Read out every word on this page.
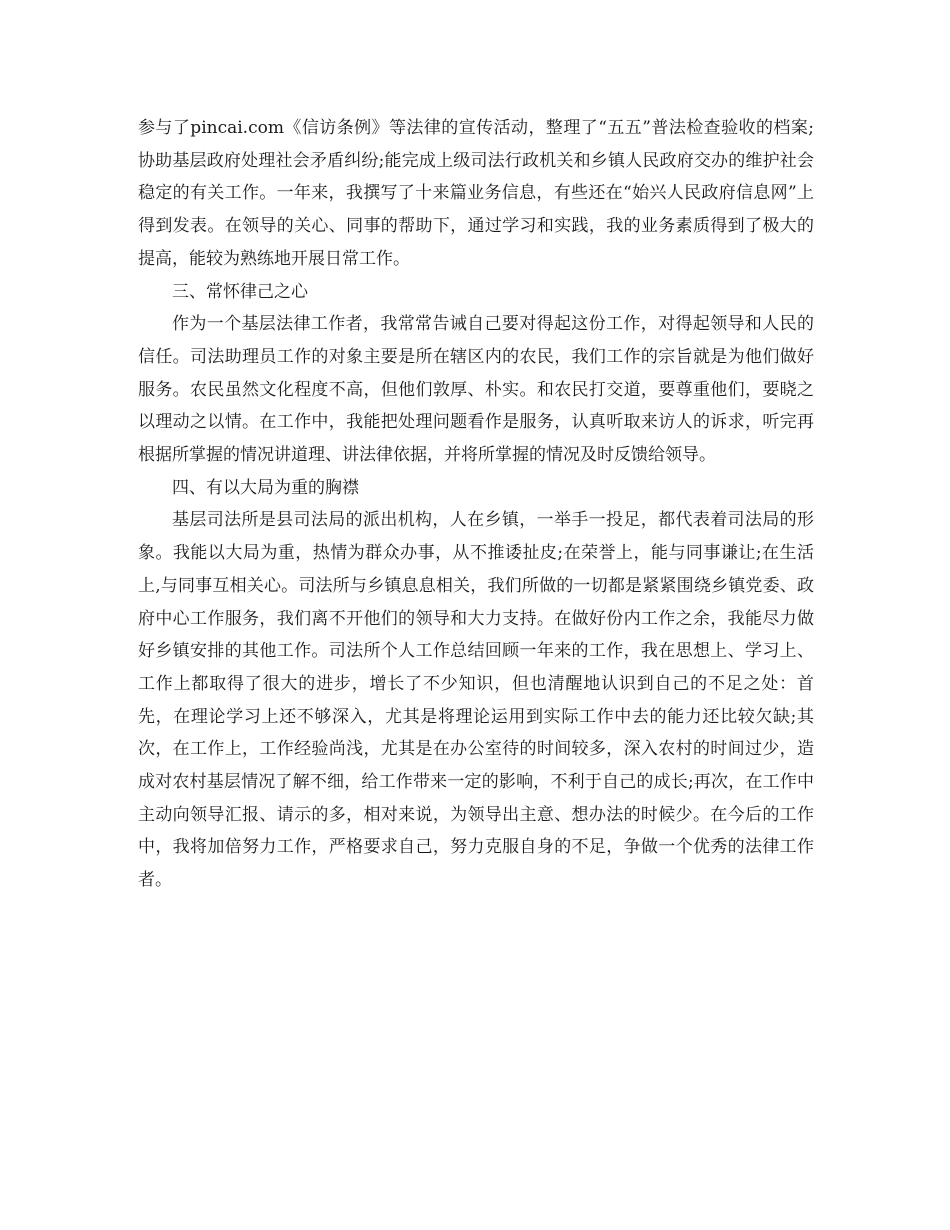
参与了pincai.com《信访条例》等法律的宣传活动，整理了“五五”普法检查验收的档案;协助基层政府处理社会矛盾纠纷;能完成上级司法行政机关和乡镇人民政府交办的维护社会稳定的有关工作。一年来，我撰写了十来篇业务信息，有些还在“始兴人民政府信息网”上得到发表。在领导的关心、同事的帮助下，通过学习和实践，我的业务素质得到了极大的提高，能较为熟练地开展日常工作。

三、常怀律己之心

作为一个基层法律工作者，我常常告诫自己要对得起这份工作，对得起领导和人民的信任。司法助理员工作的对象主要是所在辖区内的农民，我们工作的宗旨就是为他们做好服务。农民虽然文化程度不高，但他们敦厚、朴实。和农民打交道，要尊重他们，要晓之以理动之以情。在工作中，我能把处理问题看作是服务，认真听取来访人的诉求，听完再根据所掌握的情况讲道理、讲法律依据，并将所掌握的情况及时反馈给领导。

四、有以大局为重的胸襟

基层司法所是县司法局的派出机构，人在乡镇，一举手一投足，都代表着司法局的形象。我能以大局为重，热情为群众办事，从不推诿扯皮;在荣誉上，能与同事谦让;在生活上,与同事互相关心。司法所与乡镇息息相关，我们所做的一切都是紧紧围绕乡镇党委、政府中心工作服务，我们离不开他们的领导和大力支持。在做好份内工作之余，我能尽力做好乡镇安排的其他工作。司法所个人工作总结回顾一年来的工作，我在思想上、学习上、工作上都取得了很大的进步，增长了不少知识，但也清醒地认识到自己的不足之处：首先，在理论学习上还不够深入，尤其是将理论运用到实际工作中去的能力还比较欠缺;其次，在工作上，工作经验尚浅，尤其是在办公室待的时间较多，深入农村的时间过少，造成对农村基层情况了解不细，给工作带来一定的影响，不利于自己的成长;再次，在工作中主动向领导汇报、请示的多，相对来说，为领导出主意、想办法的时候少。在今后的工作中，我将加倍努力工作，严格要求自己，努力克服自身的不足，争做一个优秀的法律工作者。
